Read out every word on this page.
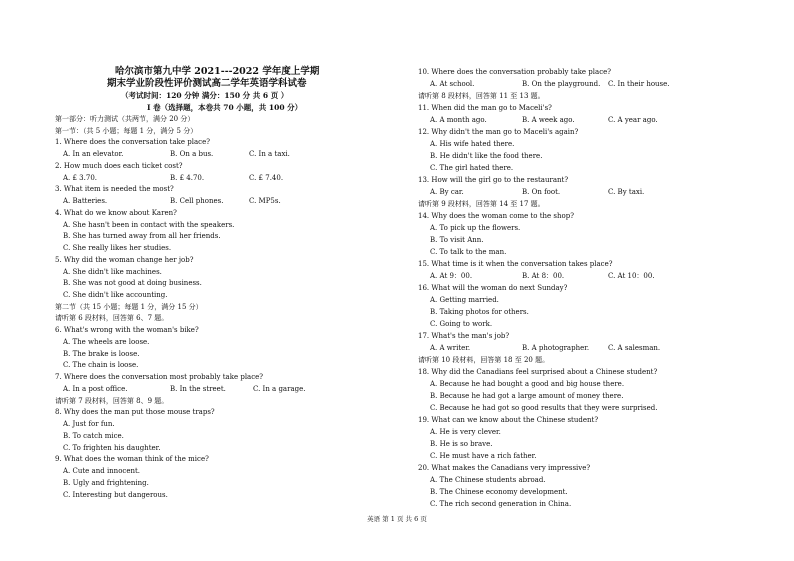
哈尔滨市第九中学 2021---2022 学年度上学期
期末学业阶段性评价测试高二学年英语学科试卷
（考试时间：120 分钟 满分：150 分 共 6 页 ）
I 卷（选择题，本卷共 70 小题，共 100 分）
第一部分：听力测试（共两节，满分 20 分）
第一节：（共 5 小题；每题 1 分，满分 5 分）
1. Where does the conversation take place?
A. In an elevator.	B. On a bus.	C. In a taxi.
2. How much does each ticket cost?
A. £ 3.70.	B. £ 4.70.	C. £ 7.40.
3. What item is needed the most?
A. Batteries.	B. Cell phones.	C. MP5s.
4. What do we know about Karen?
A. She hasn't been in contact with the speakers.
B. She has turned away from all her friends.
C. She really likes her studies.
5. Why did the woman change her job?
A. She didn't like machines.
B. She was not good at doing business.
C. She didn't like accounting.
第二节（共 15 小题；每题 1 分，满分 15 分）
请听第 6 段材料，回答第 6、7 题。
6. What's wrong with the woman's bike?
A. The wheels are loose.
B. The brake is loose.
C. The chain is loose.
7. Where does the conversation most probably take place?
A. In a post office.	B. In the street.	C. In a garage.
请听第 7 段材料，回答第 8、9 题。
8. Why does the man put those mouse traps?
A. Just for fun.
B. To catch mice.
C. To frighten his daughter.
9. What does the woman think of the mice?
A. Cute and innocent.
B. Ugly and frightening.
C. Interesting but dangerous.
10. Where does the conversation probably take place?
A. At school.	B. On the playground. C. In their house.
请听第 8 段材料，回答第 11 至 13 题。
11. When did the man go to Maceli's?
A. A month ago.	B. A week ago.	C. A year ago.
12. Why didn't the man go to Maceli's again?
A. His wife hated there.
B. He didn't like the food there.
C. The girl hated there.
13. How will the girl go to the restaurant?
A. By car.	B. On foot.	C. By taxi.
请听第 9 段材料，回答第 14 至 17 题。
14. Why does the woman come to the shop?
A. To pick up the flowers.
B. To visit Ann.
C. To talk to the man.
15. What time is it when the conversation takes place?
A. At 9：00.	B. At 8：00.	C. At 10：00.
16. What will the woman do next Sunday?
A. Getting married.
B. Taking photos for others.
C. Going to work.
17. What's the man's job?
A. A writer.	B. A photographer.	C. A salesman.
请听第 10 段材料，回答第 18 至 20 题。
18. Why did the Canadians feel surprised about a Chinese student?
A. Because he had bought a good and big house there.
B. Because he had got a large amount of money there.
C. Because he had got so good results that they were surprised.
19. What can we know about the Chinese student?
A. He is very clever.
B. He is so brave.
C. He must have a rich father.
20. What makes the Canadians very impressive?
A. The Chinese students abroad.
B. The Chinese economy development.
C. The rich second generation in China.
英语 第 1 页 共 6 页
